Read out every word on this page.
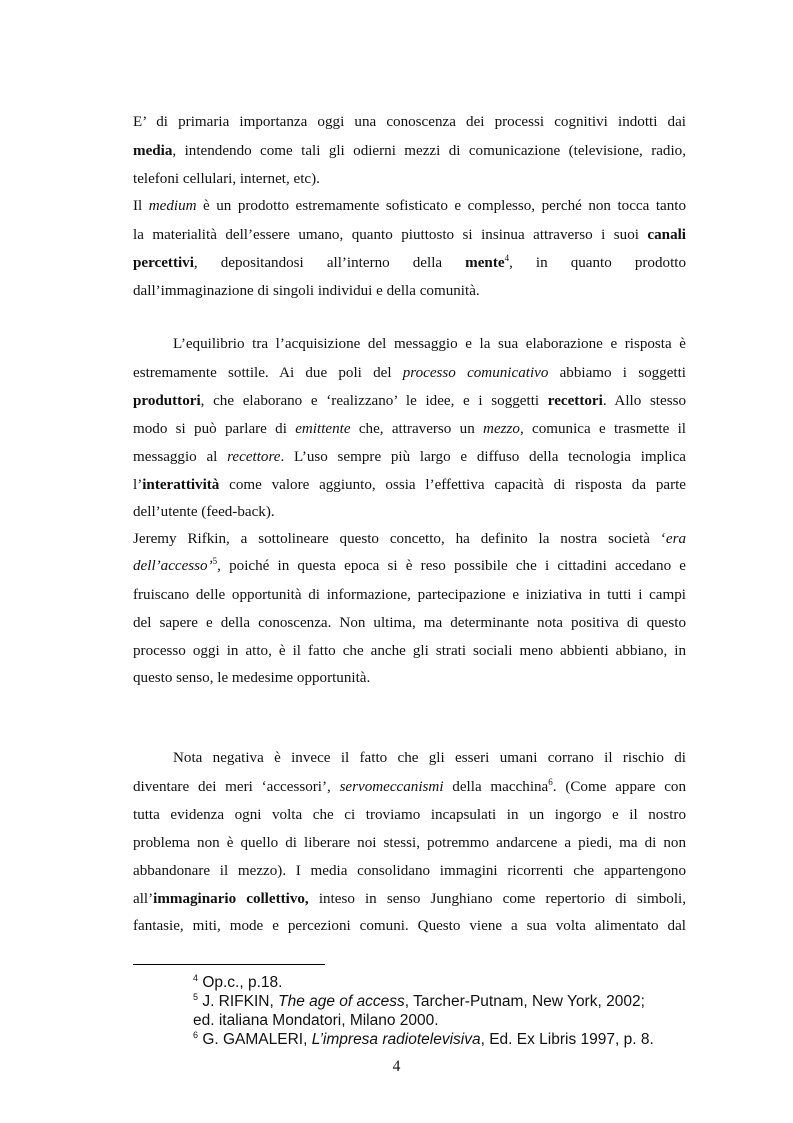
E’ di primaria importanza oggi una conoscenza dei processi cognitivi indotti dai
media, intendendo come tali gli odierni mezzi di comunicazione (televisione, radio,
telefoni cellulari, internet, etc).
Il medium è un prodotto estremamente sofisticato e complesso, perché non tocca tanto
la materialità dell’essere umano, quanto piuttosto si insinua attraverso i suoi canali
percettivi, depositandosi all’interno della mente$^4$, in quanto prodotto
dall’immaginazione di singoli individui e della comunità.
L’equilibrio tra l’acquisizione del messaggio e la sua elaborazione e risposta è
estremamente sottile. Ai due poli del processo comunicativo abbiamo i soggetti
produttori, che elaborano e ‘realizzano’ le idee, e i soggetti recettori. Allo stesso
modo si può parlare di emittente che, attraverso un mezzo, comunica e trasmette il
messaggio al recettore. L’uso sempre più largo e diffuso della tecnologia implica
l’interattività come valore aggiunto, ossia l’effettiva capacità di risposta da parte
dell’utente (feed-back).
Jeremy Rifkin, a sottolineare questo concetto, ha definito la nostra società ‘era
dell’accesso’$^5$, poiché in questa epoca si è reso possibile che i cittadini accedano e
fruiscano delle opportunità di informazione, partecipazione e iniziativa in tutti i campi
del sapere e della conoscenza. Non ultima, ma determinante nota positiva di questo
processo oggi in atto, è il fatto che anche gli strati sociali meno abbienti abbiano, in
questo senso, le medesime opportunità.
Nota negativa è invece il fatto che gli esseri umani corrano il rischio di
diventare dei meri ‘accessori’, servomeccanismi della macchina$^6$. (Come appare con
tutta evidenza ogni volta che ci troviamo incapsulati in un ingorgo e il nostro
problema non è quello di liberare noi stessi, potremmo andarcene a piedi, ma di non
abbandonare il mezzo). I media consolidano immagini ricorrenti che appartengono
all’immaginario collettivo, inteso in senso Junghiano come repertorio di simboli,
fantasie, miti, mode e percezioni comuni. Questo viene a sua volta alimentato dal
$^4$ Op.c., p.18.
$^5$ J. RIFKIN, The age of access, Tarcher-Putnam, New York, 2002;
ed. italiana Mondatori, Milano 2000.
$^6$ G. GAMALERI, L’impresa radiotelevisiva, Ed. Ex Libris 1997, p. 8.
4
